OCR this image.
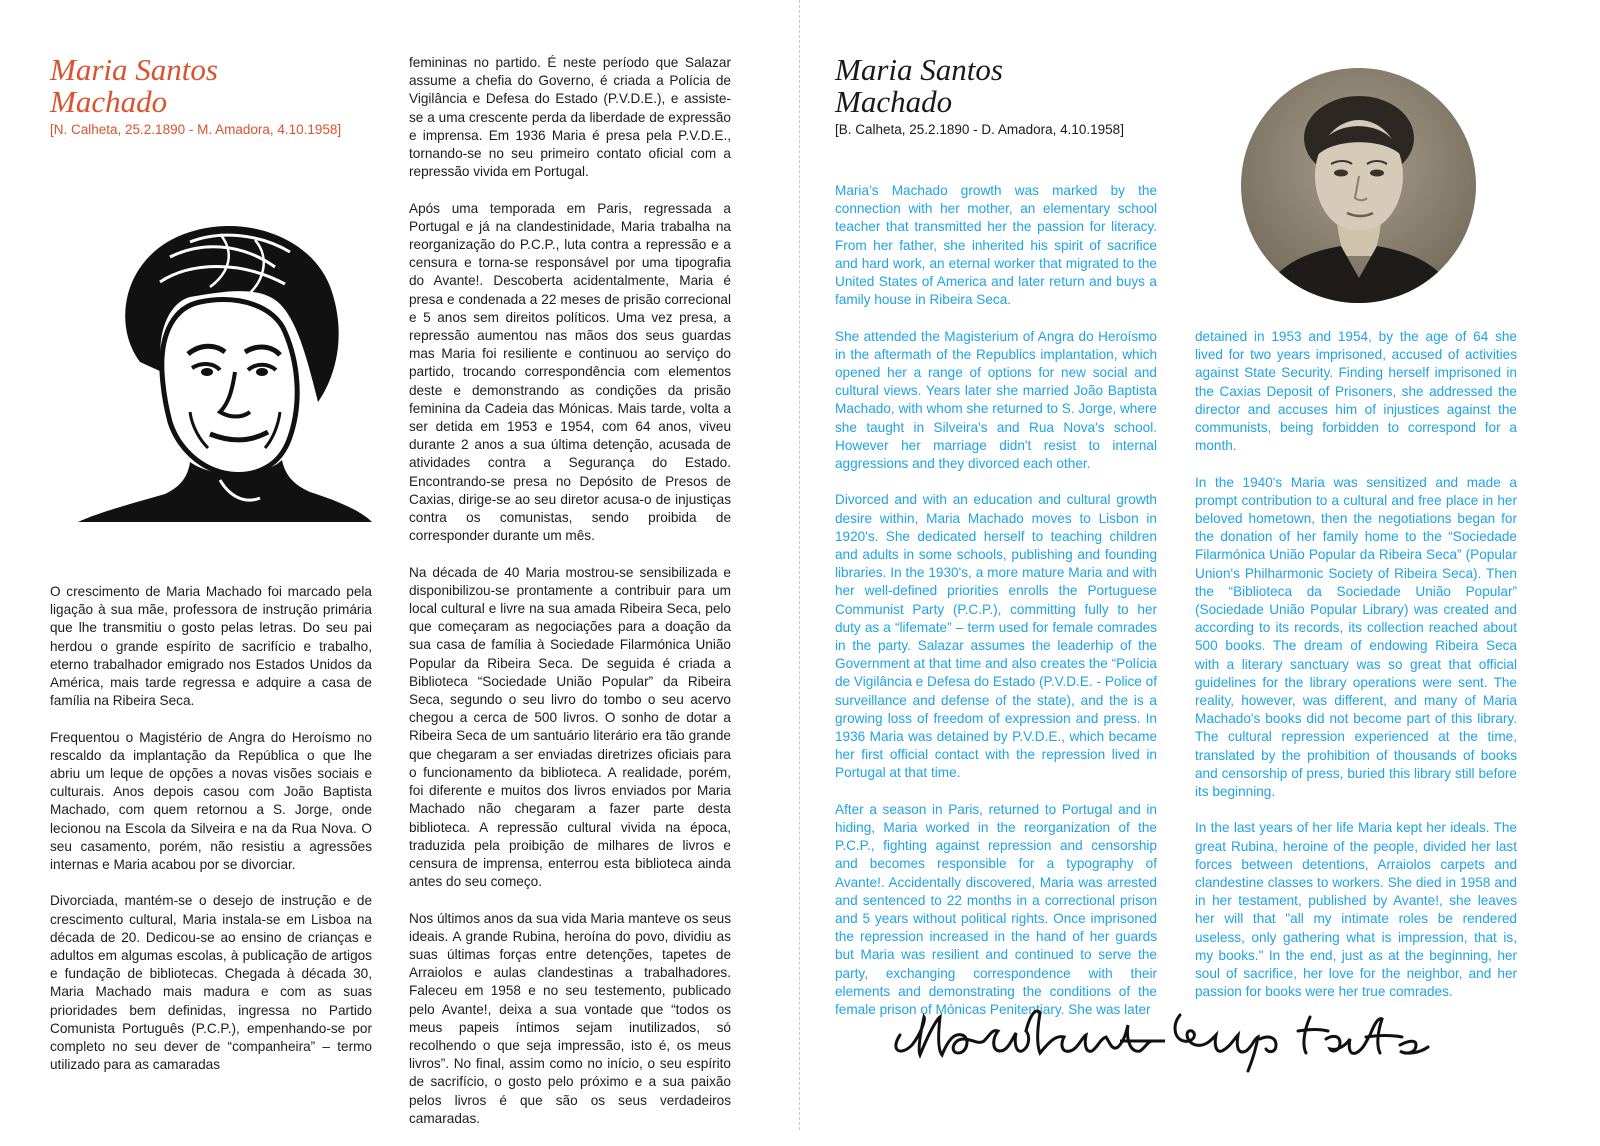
Maria Santos
Machado

[N. Calheta, 25.2.1890 - M. Amadora, 4.10.1958]

O crescimento de Maria Machado foi marcado pela ligação à sua mãe, professora de instrução primária que lhe transmitiu o gosto pelas letras. Do seu pai herdou o grande espírito de sacrifício e trabalho, eterno trabalhador emigrado nos Estados Unidos da América, mais tarde regressa e adquire a casa de família na Ribeira Seca.

Frequentou o Magistério de Angra do Heroísmo no rescaldo da implantação da República o que lhe abriu um leque de opções a novas visões sociais e culturais. Anos depois casou com João Baptista Machado, com quem retornou a S. Jorge, onde lecionou na Escola da Silveira e na da Rua Nova. O seu casamento, porém, não resistiu a agressões internas e Maria acabou por se divorciar.

Divorciada, mantém-se o desejo de instrução e de crescimento cultural, Maria instala-se em Lisboa na década de 20. Dedicou-se ao ensino de crianças e adultos em algumas escolas, à publicação de artigos e fundação de bibliotecas. Chegada à década 30, Maria Machado mais madura e com as suas prioridades bem definidas, ingressa no Partido Comunista Português (P.C.P.), empenhando-se por completo no seu dever de “companheira” – termo utilizado para as camaradas

femininas no partido. É neste período que Salazar assume a chefia do Governo, é criada a Polícia de Vigilância e Defesa do Estado (P.V.D.E.), e assiste-se a uma crescente perda da liberdade de expressão e imprensa. Em 1936 Maria é presa pela P.V.D.E., tornando-se no seu primeiro contato oficial com a repressão vivida em Portugal.

Após uma temporada em Paris, regressada a Portugal e já na clandestinidade, Maria trabalha na reorganização do P.C.P., luta contra a repressão e a censura e torna-se responsável por uma tipografia do Avante!. Descoberta acidentalmente, Maria é presa e condenada a 22 meses de prisão correcional e 5 anos sem direitos políticos. Uma vez presa, a repressão aumentou nas mãos dos seus guardas mas Maria foi resiliente e continuou ao serviço do partido, trocando correspondência com elementos deste e demonstrando as condições da prisão feminina da Cadeia das Mónicas. Mais tarde, volta a ser detida em 1953 e 1954, com 64 anos, viveu durante 2 anos a sua última detenção, acusada de atividades contra a Segurança do Estado. Encontrando-se presa no Depósito de Presos de Caxias, dirige-se ao seu diretor acusa-o de injustiças contra os comunistas, sendo proibida de corresponder durante um mês.

Na década de 40 Maria mostrou-se sensibilizada e disponibilizou-se prontamente a contribuir para um local cultural e livre na sua amada Ribeira Seca, pelo que começaram as negociações para a doação da sua casa de família à Sociedade Filarmónica União Popular da Ribeira Seca. De seguida é criada a Biblioteca “Sociedade União Popular” da Ribeira Seca, segundo o seu livro do tombo o seu acervo chegou a cerca de 500 livros. O sonho de dotar a Ribeira Seca de um santuário literário era tão grande que chegaram a ser enviadas diretrizes oficiais para o funcionamento da biblioteca. A realidade, porém, foi diferente e muitos dos livros enviados por Maria Machado não chegaram a fazer parte desta biblioteca. A repressão cultural vivida na época, traduzida pela proibição de milhares de livros e censura de imprensa, enterrou esta biblioteca ainda antes do seu começo.

Nos últimos anos da sua vida Maria manteve os seus ideais. A grande Rubina, heroína do povo, dividiu as suas últimas forças entre detenções, tapetes de Arraiolos e aulas clandestinas a trabalhadores. Faleceu em 1958 e no seu testemento, publicado pelo Avante!, deixa a sua vontade que “todos os meus papeis íntimos sejam inutilizados, só recolhendo o que seja impressão, isto é, os meus livros”. No final, assim como no início, o seu espírito de sacrifício, o gosto pelo próximo e a sua paixão pelos livros é que são os seus verdadeiros camaradas.

Maria Santos
Machado

[B. Calheta, 25.2.1890 - D. Amadora, 4.10.1958]

Maria’s Machado growth was marked by the connection with her mother, an elementary school teacher that transmitted her the passion for literacy. From her father, she inherited his spirit of sacrifice and hard work, an eternal worker that migrated to the United States of America and later return and buys a family house in Ribeira Seca.

She attended the Magisterium of Angra do Heroísmo in the aftermath of the Republics implantation, which opened her a range of options for new social and cultural views. Years later she married João Baptista Machado, with whom she returned to S. Jorge, where she taught in Silveira's and Rua Nova's school. However her marriage didn't resist to internal aggressions and they divorced each other.

Divorced and with an education and cultural growth desire within, Maria Machado moves to Lisbon in 1920's. She dedicated herself to teaching children and adults in some schools, publishing and founding libraries. In the 1930's, a more mature Maria and with her well-defined priorities enrolls the Portuguese Communist Party (P.C.P.), committing fully to her duty as a “lifemate” – term used for female comrades in the party. Salazar assumes the leaderhip of the Government at that time and also creates the “Polícia de Vigilância e Defesa do Estado (P.V.D.E. - Police of surveillance and defense of the state), and the is a growing loss of freedom of expression and press. In 1936 Maria was detained by P.V.D.E., which became her first official contact with the repression lived in Portugal at that time.

After a season in Paris, returned to Portugal and in hiding, Maria worked in the reorganization of the P.C.P., fighting against repression and censorship and becomes responsible for a typography of Avante!. Accidentally discovered, Maria was arrested and sentenced to 22 months in a correctional prison and 5 years without political rights. Once imprisoned the repression increased in the hand of her guards but Maria was resilient and continued to serve the party, exchanging correspondence with their elements and demonstrating the conditions of the female prison of Mónicas Penitentiary. She was later

detained in 1953 and 1954, by the age of 64 she lived for two years imprisoned, accused of activities against State Security. Finding herself imprisoned in the Caxias Deposit of Prisoners, she addressed the director and accuses him of injustices against the communists, being forbidden to correspond for a month.

In the 1940's Maria was sensitized and made a prompt contribution to a cultural and free place in her beloved hometown, then the negotiations began for the donation of her family home to the “Sociedade Filarmónica União Popular da Ribeira Seca” (Popular Union's Philharmonic Society of Ribeira Seca). Then the “Biblioteca da Sociedade União Popular” (Sociedade União Popular Library) was created and according to its records, its collection reached about 500 books. The dream of endowing Ribeira Seca with a literary sanctuary was so great that official guidelines for the library operations were sent. The reality, however, was different, and many of Maria Machado's books did not become part of this library. The cultural repression experienced at the time, translated by the prohibition of thousands of books and censorship of press, buried this library still before its beginning.

In the last years of her life Maria kept her ideals. The great Rubina, heroine of the people, divided her last forces between detentions, Arraiolos carpets and clandestine classes to workers. She died in 1958 and in her testament, published by Avante!, she leaves her will that "all my intimate roles be rendered useless, only gathering what is impression, that is, my books." In the end, just as at the beginning, her soul of sacrifice, her love for the neighbor, and her passion for books were her true comrades.
